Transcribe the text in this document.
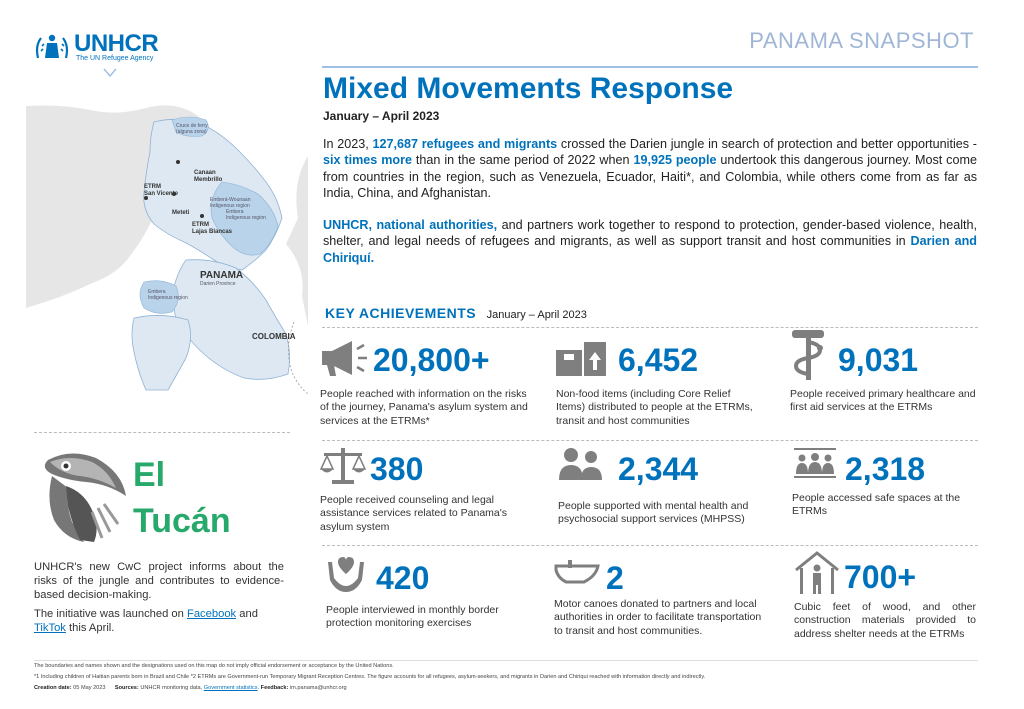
UNHCR
The UN Refugee Agency
PANAMA SNAPSHOT
Cruce de ferry
(alguna zona)
Canaan
Membrillo
ETRM
San Vicente
Meteti
ETRM
Lajas Blancas
Emberá-Wounaan
Indigenous region
Embera
Indigenous region
PANAMA
Darien Province
Embera
Indigenous region
COLOMBIA
Mixed Movements Response
January – April 2023

In 2023, 127,687 refugees and migrants crossed the Darien jungle in search of protection and better opportunities - six times more than in the same period of 2022 when 19,925 people undertook this dangerous journey. Most come from countries in the region, such as Venezuela, Ecuador, Haiti*, and Colombia, while others come from as far as India, China, and Afghanistan.

UNHCR, national authorities, and partners work together to respond to protection, gender-based violence, health, shelter, and legal needs of refugees and migrants, as well as support transit and host communities in Darien and Chiriquí.

KEY ACHIEVEMENTS January – April 2023
20,800+
People reached with information on the risks of the journey, Panama's asylum system and services at the ETRMs*
6,452
Non-food items (including Core Relief Items) distributed to people at the ETRMs, transit and host communities
9,031
People received primary healthcare and first aid services at the ETRMs
380
People received counseling and legal assistance services related to Panama's asylum system
2,344
People supported with mental health and psychosocial support services (MHPSS)
2,318
People accessed safe spaces at the ETRMs
420
People interviewed in monthly border protection monitoring exercises
2
Motor canoes donated to partners and local authorities in order to facilitate transportation to transit and host communities.
700+
Cubic feet of wood, and other construction materials provided to address shelter needs at the ETRMs
El
Tucán

UNHCR's new CwC project informs about the risks of the jungle and contributes to evidence-based decision-making.

The initiative was launched on Facebook and
TikTok this April.

The boundaries and names shown and the designations used on this map do not imply official endorsement or acceptance by the United Nations.
*1 Including children of Haitian parents born in Brazil and Chile *2 ETRMs are Government-run Temporary Migrant Reception Centres. The figure accounts for all refugees, asylum-seekers, and migrants in Darien and Chiriqui reached with information directly and indirectly.
Creation date: 05 May 2023 Sources: UNHCR monitoring data, Government statistics. Feedback: im.panama@unhcr.org
